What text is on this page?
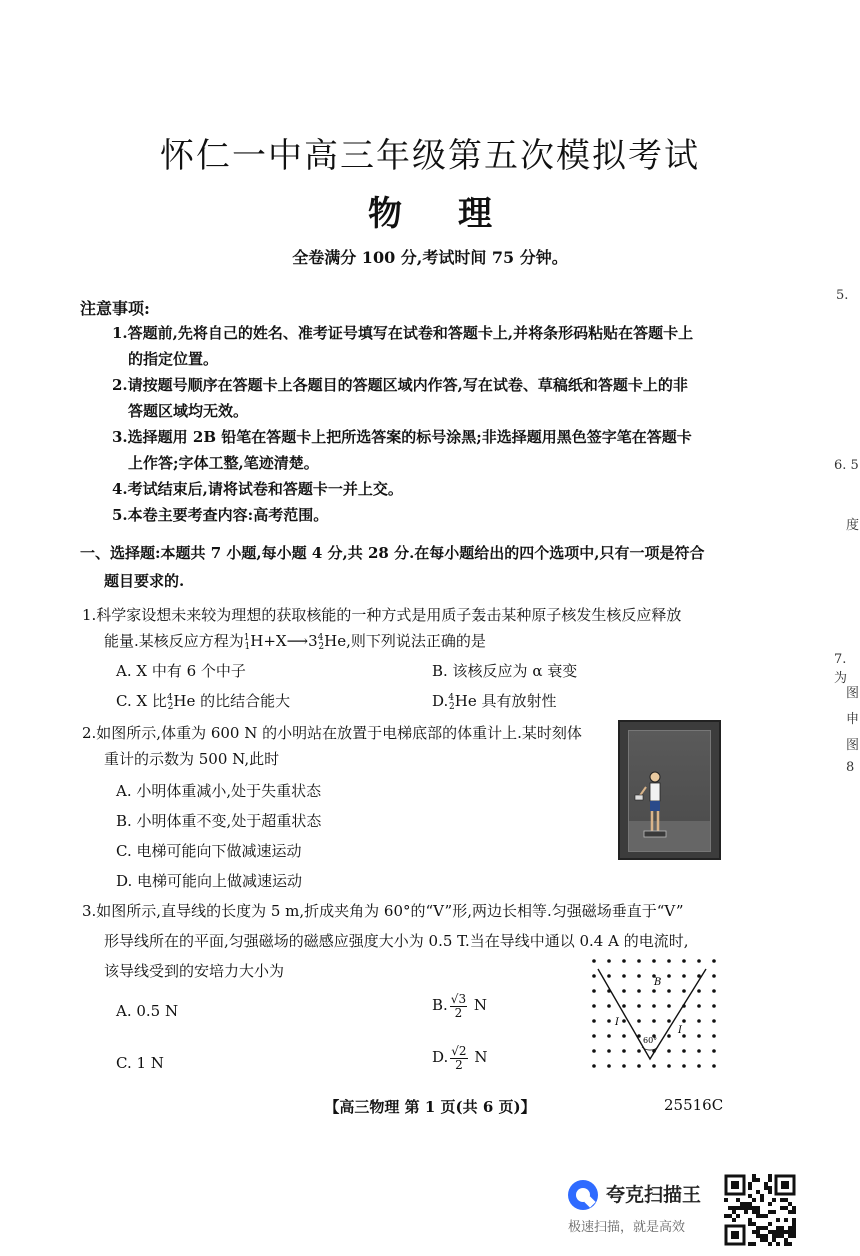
怀仁一中高三年级第五次模拟考试
物理
全卷满分 100 分,考试时间 75 分钟。
注意事项:
1.答题前,先将自己的姓名、准考证号填写在试卷和答题卡上,并将条形码粘贴在答题卡上
的指定位置。
2.请按题号顺序在答题卡上各题目的答题区域内作答,写在试卷、草稿纸和答题卡上的非
答题区域均无效。
3.选择题用 2B 铅笔在答题卡上把所选答案的标号涂黑;非选择题用黑色签字笔在答题卡
上作答;字体工整,笔迹清楚。
4.考试结束后,请将试卷和答题卡一并上交。
5.本卷主要考查内容:高考范围。
一、选择题:本题共 7 小题,每小题 4 分,共 28 分.在每小题给出的四个选项中,只有一项是符合
题目要求的.
1.科学家设想未来较为理想的获取核能的一种方式是用质子轰击某种原子核发生核反应释放
能量.某核反应方程为$^1_1H+X⟶3^4_2He$,则下列说法正确的是
A. X 中有 6 个中子	B. 该核反应为 α 衰变
C. X 比$^4_2$He 的比结合能大	D.$^4_2$He 具有放射性
2.如图所示,体重为 600 N 的小明站在放置于电梯底部的体重计上.某时刻体
重计的示数为 500 N,此时
A. 小明体重减小,处于失重状态
B. 小明体重不变,处于超重状态
C. 电梯可能向下做减速运动
D. 电梯可能向上做减速运动
3.如图所示,直导线的长度为 5 m,折成夹角为 60°的“V”形,两边长相等.匀强磁场垂直于“V”
形导线所在的平面,匀强磁场的磁感应强度大小为 0.5 T.当在导线中通以 0.4 A 的电流时,
该导线受到的安培力大小为
A. 0.5 N	B. $\frac{√3}{2}$ N
C. 1 N	D. $\frac{√2}{2}$ N
B
I
I
60°
【高三物理 第 1 页(共 6 页)】	25516C
5.
6. 5
度
7. 为
图
申
图
8
夸克扫描王
极速扫描，就是高效
